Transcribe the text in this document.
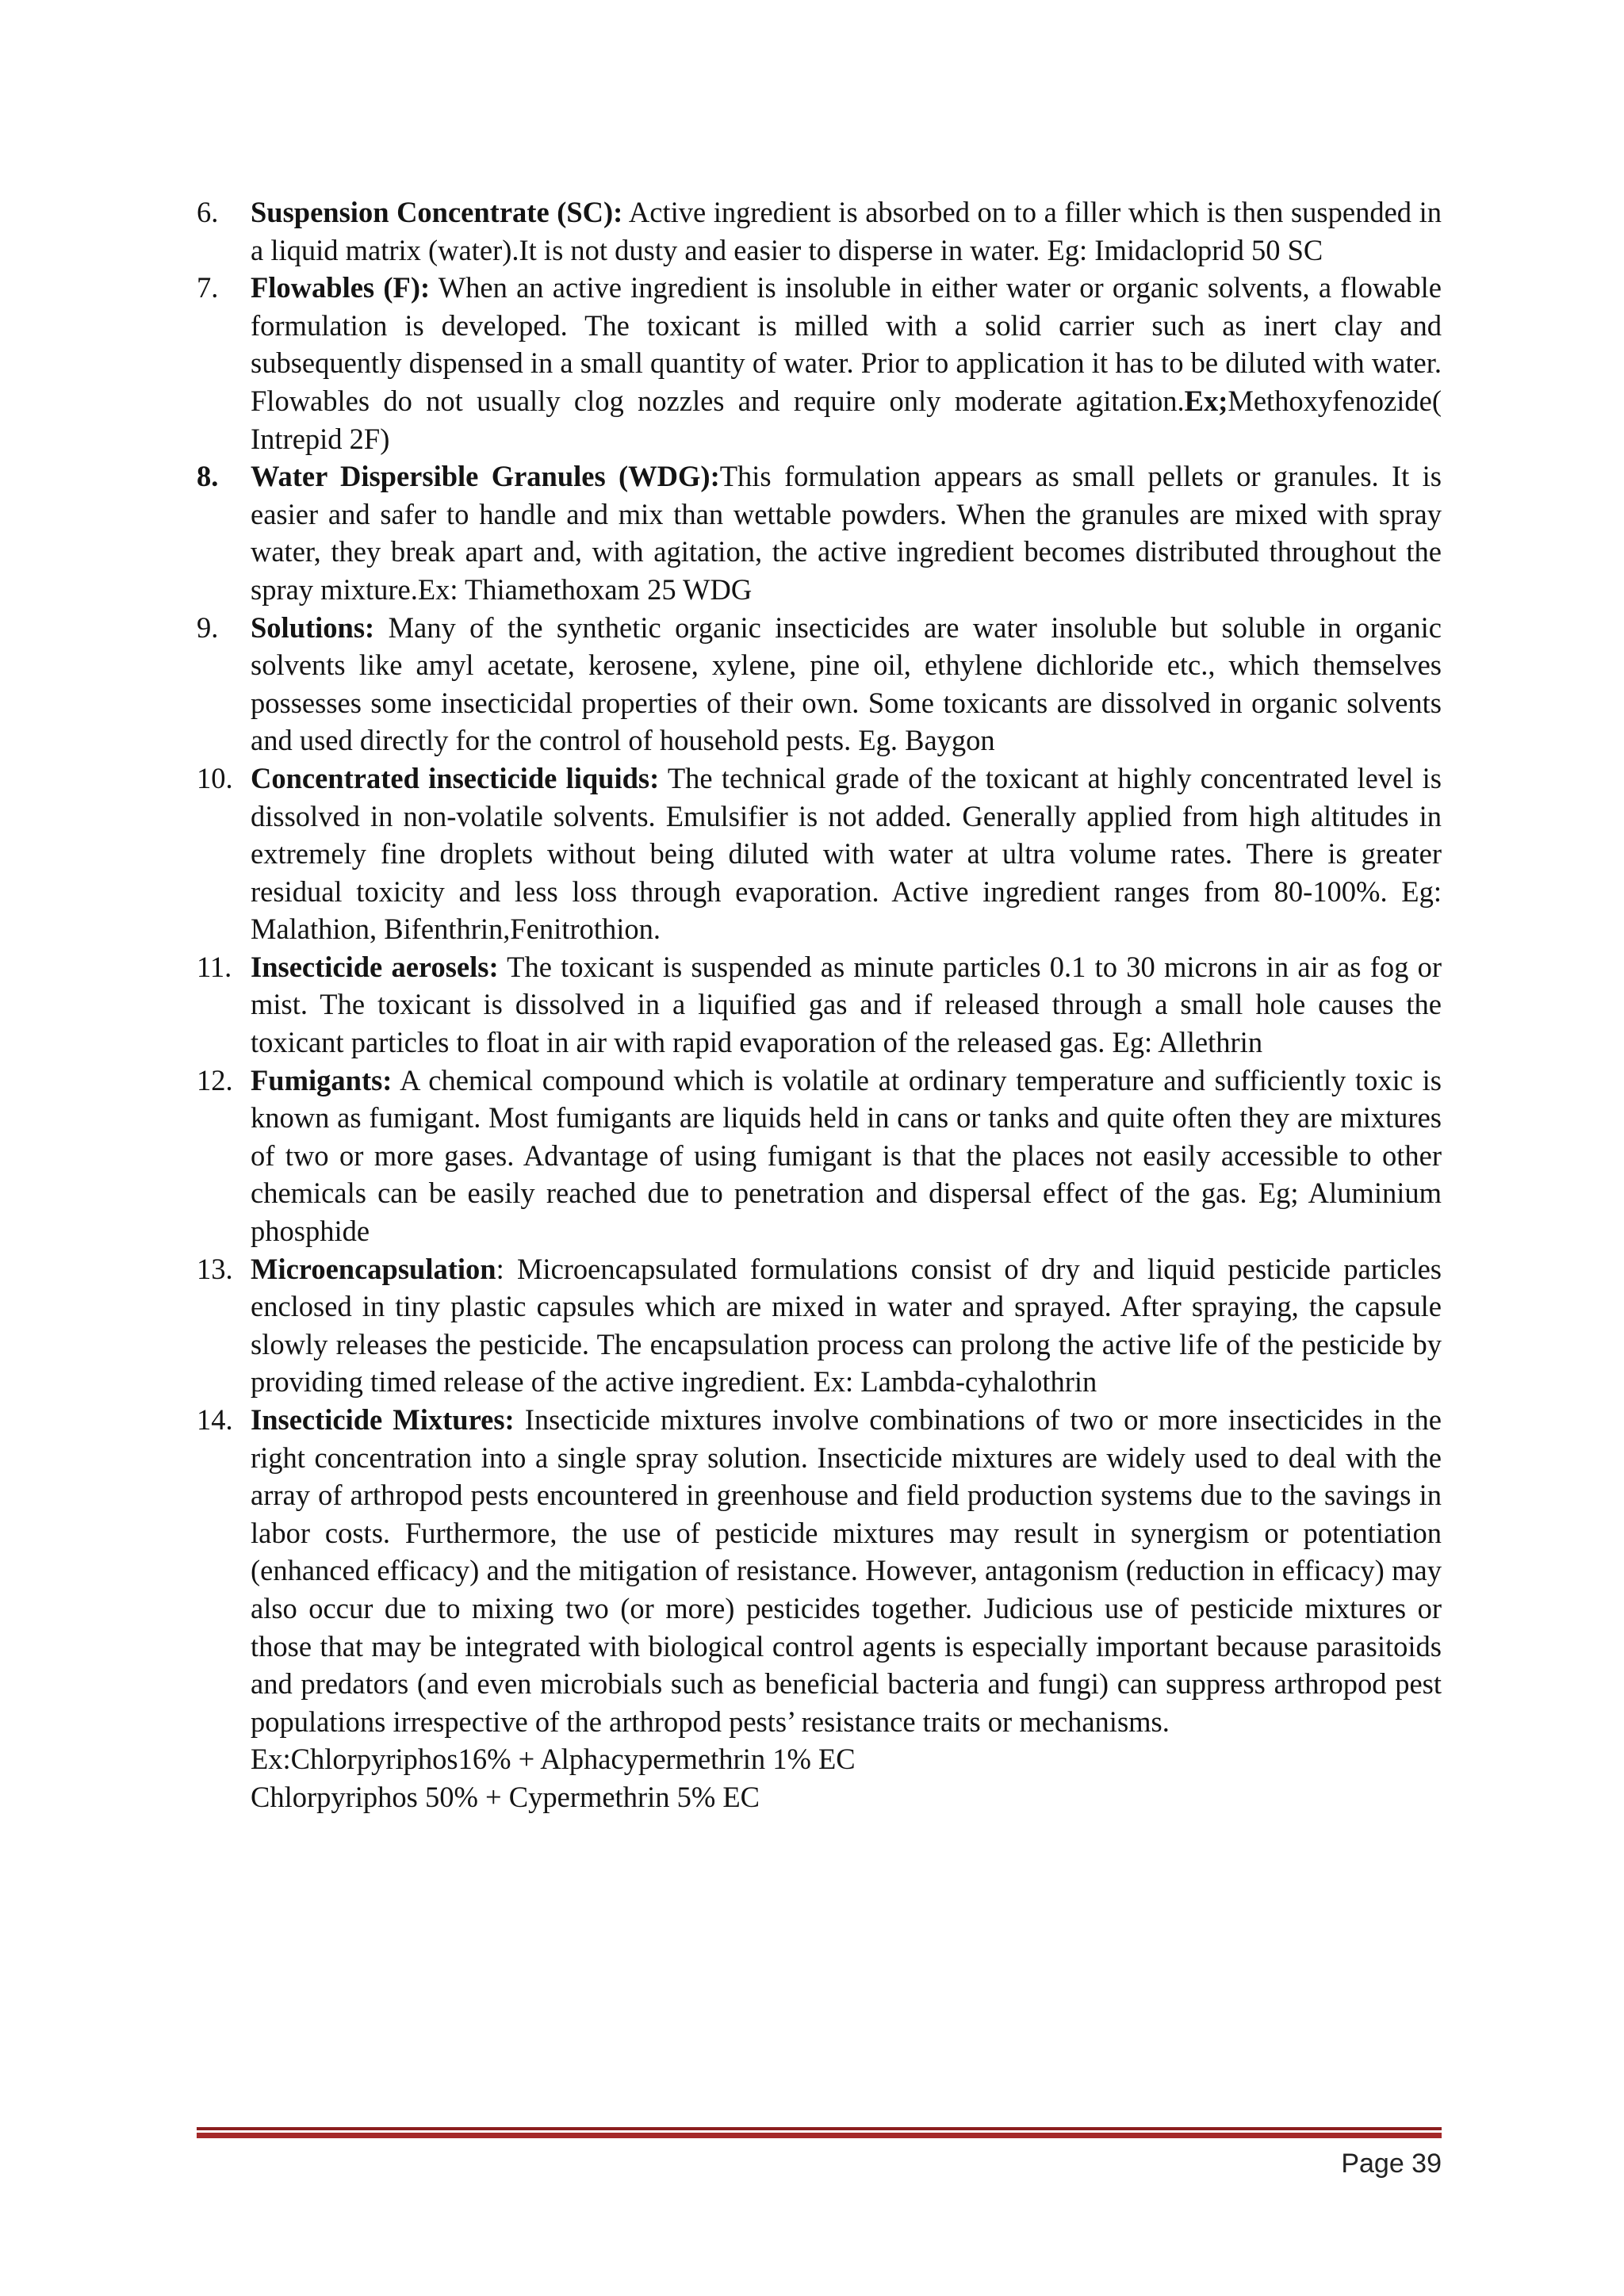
6. Suspension Concentrate (SC): Active ingredient is absorbed on to a filler which is then suspended in a liquid matrix (water).It is not dusty and easier to disperse in water. Eg: Imidacloprid 50 SC
7. Flowables (F): When an active ingredient is insoluble in either water or organic solvents, a flowable formulation is developed. The toxicant is milled with a solid carrier such as inert clay and subsequently dispensed in a small quantity of water. Prior to application it has to be diluted with water. Flowables do not usually clog nozzles and require only moderate agitation.Ex;Methoxyfenozide( Intrepid 2F)
8. Water Dispersible Granules (WDG):This formulation appears as small pellets or granules. It is easier and safer to handle and mix than wettable powders. When the granules are mixed with spray water, they break apart and, with agitation, the active ingredient becomes distributed throughout the spray mixture.Ex: Thiamethoxam 25 WDG
9. Solutions: Many of the synthetic organic insecticides are water insoluble but soluble in organic solvents like amyl acetate, kerosene, xylene, pine oil, ethylene dichloride etc., which themselves possesses some insecticidal properties of their own. Some toxicants are dissolved in organic solvents and used directly for the control of household pests. Eg. Baygon
10. Concentrated insecticide liquids: The technical grade of the toxicant at highly concentrated level is dissolved in non-volatile solvents. Emulsifier is not added. Generally applied from high altitudes in extremely fine droplets without being diluted with water at ultra volume rates. There is greater residual toxicity and less loss through evaporation. Active ingredient ranges from 80-100%. Eg: Malathion, Bifenthrin,Fenitrothion.
11. Insecticide aerosels: The toxicant is suspended as minute particles 0.1 to 30 microns in air as fog or mist. The toxicant is dissolved in a liquified gas and if released through a small hole causes the toxicant particles to float in air with rapid evaporation of the released gas. Eg: Allethrin
12. Fumigants: A chemical compound which is volatile at ordinary temperature and sufficiently toxic is known as fumigant. Most fumigants are liquids held in cans or tanks and quite often they are mixtures of two or more gases. Advantage of using fumigant is that the places not easily accessible to other chemicals can be easily reached due to penetration and dispersal effect of the gas. Eg; Aluminium phosphide
13. Microencapsulation: Microencapsulated formulations consist of dry and liquid pesticide particles enclosed in tiny plastic capsules which are mixed in water and sprayed. After spraying, the capsule slowly releases the pesticide. The encapsulation process can prolong the active life of the pesticide by providing timed release of the active ingredient. Ex: Lambda-cyhalothrin
14. Insecticide Mixtures: Insecticide mixtures involve combinations of two or more insecticides in the right concentration into a single spray solution. Insecticide mixtures are widely used to deal with the array of arthropod pests encountered in greenhouse and field production systems due to the savings in labor costs. Furthermore, the use of pesticide mixtures may result in synergism or potentiation (enhanced efficacy) and the mitigation of resistance. However, antagonism (reduction in efficacy) may also occur due to mixing two (or more) pesticides together. Judicious use of pesticide mixtures or those that may be integrated with biological control agents is especially important because parasitoids and predators (and even microbials such as beneficial bacteria and fungi) can suppress arthropod pest populations irrespective of the arthropod pests’ resistance traits or mechanisms.
Ex:Chlorpyriphos16% + Alphacypermethrin 1% EC
Chlorpyriphos 50% + Cypermethrin 5% EC
Page 39
